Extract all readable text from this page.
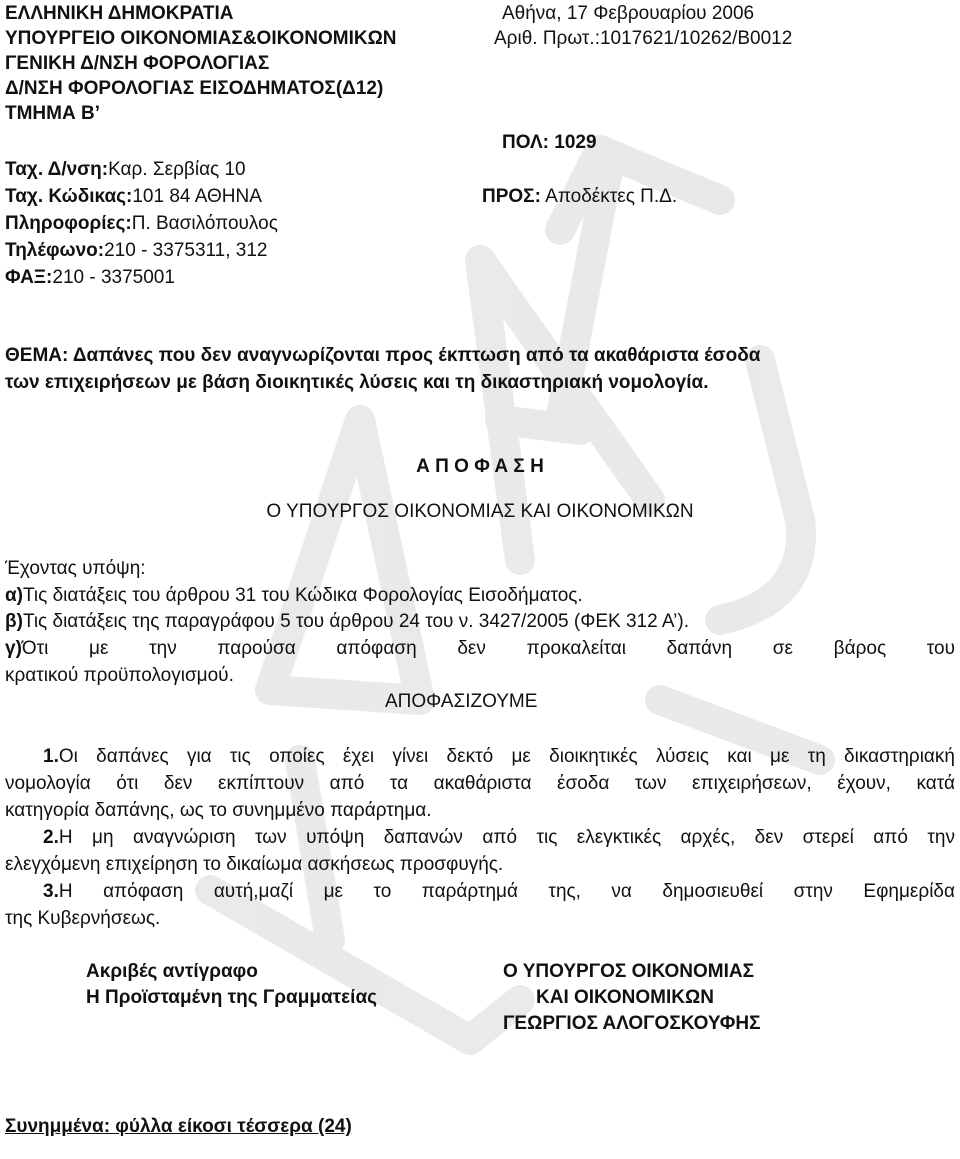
ΕΛΛΗΝΙΚΗ ΔΗΜΟΚΡΑΤΙΑ
ΥΠΟΥΡΓΕΙΟ ΟΙΚΟΝΟΜΙΑΣ&ΟΙΚΟΝΟΜΙΚΩΝ
ΓΕΝΙΚΗ Δ/ΝΣΗ ΦΟΡΟΛΟΓΙΑΣ
Δ/ΝΣΗ ΦΟΡΟΛΟΓΙΑΣ ΕΙΣΟΔΗΜΑΤΟΣ(Δ12)
ΤΜΗΜΑ Β’
Αθήνα, 17 Φεβρουαρίου 2006
Αριθ. Πρωτ.:1017621/10262/Β0012
ΠΟΛ: 1029
ΠΡΟΣ: Αποδέκτες Π.Δ.
Ταχ. Δ/νση:Καρ. Σερβίας 10
Ταχ. Κώδικας:101 84 ΑΘΗΝΑ
Πληροφορίες:Π. Βασιλόπουλος
Τηλέφωνο:210 - 3375311, 312
ΦΑΞ:210 - 3375001
ΘΕΜΑ: Δαπάνες που δεν αναγνωρίζονται προς έκπτωση από τα ακαθάριστα έσοδα
των επιχειρήσεων με βάση διοικητικές λύσεις και τη δικαστηριακή νομολογία.
Α Π Ο Φ Α Σ Η
Ο ΥΠΟΥΡΓΟΣ ΟΙΚΟΝΟΜΙΑΣ ΚΑΙ ΟΙΚΟΝΟΜΙΚΩΝ
Έχοντας υπόψη:
α)Τις διατάξεις του άρθρου 31 του Κώδικα Φορολογίας Εισοδήματος.
β)Τις διατάξεις της παραγράφου 5 του άρθρου 24 του ν. 3427/2005 (ΦΕΚ 312 Α’).
γ)Ότι με την παρούσα απόφαση δεν προκαλείται δαπάνη σε βάρος του
κρατικού προϋπολογισμού.
ΑΠΟΦΑΣΙΖΟΥΜΕ
1.Οι δαπάνες για τις οποίες έχει γίνει δεκτό με διοικητικές λύσεις και με τη δικαστηριακή
νομολογία ότι δεν εκπίπτουν από τα ακαθάριστα έσοδα των επιχειρήσεων, έχουν, κατά
κατηγορία δαπάνης, ως το συνημμένο παράρτημα.
2.Η μη αναγνώριση των υπόψη δαπανών από τις ελεγκτικές αρχές, δεν στερεί από την
ελεγχόμενη επιχείρηση το δικαίωμα ασκήσεως προσφυγής.
3.Η απόφαση αυτή,μαζί με το παράρτημά της, να δημοσιευθεί στην Εφημερίδα
της Κυβερνήσεως.
Ακριβές αντίγραφο
Η Προϊσταμένη της Γραμματείας
Ο ΥΠΟΥΡΓΟΣ ΟΙΚΟΝΟΜΙΑΣ
ΚΑΙ ΟΙΚΟΝΟΜΙΚΩΝ
ΓΕΩΡΓΙΟΣ ΑΛΟΓΟΣΚΟΥΦΗΣ
Συνημμένα: φύλλα είκοσι τέσσερα (24)
